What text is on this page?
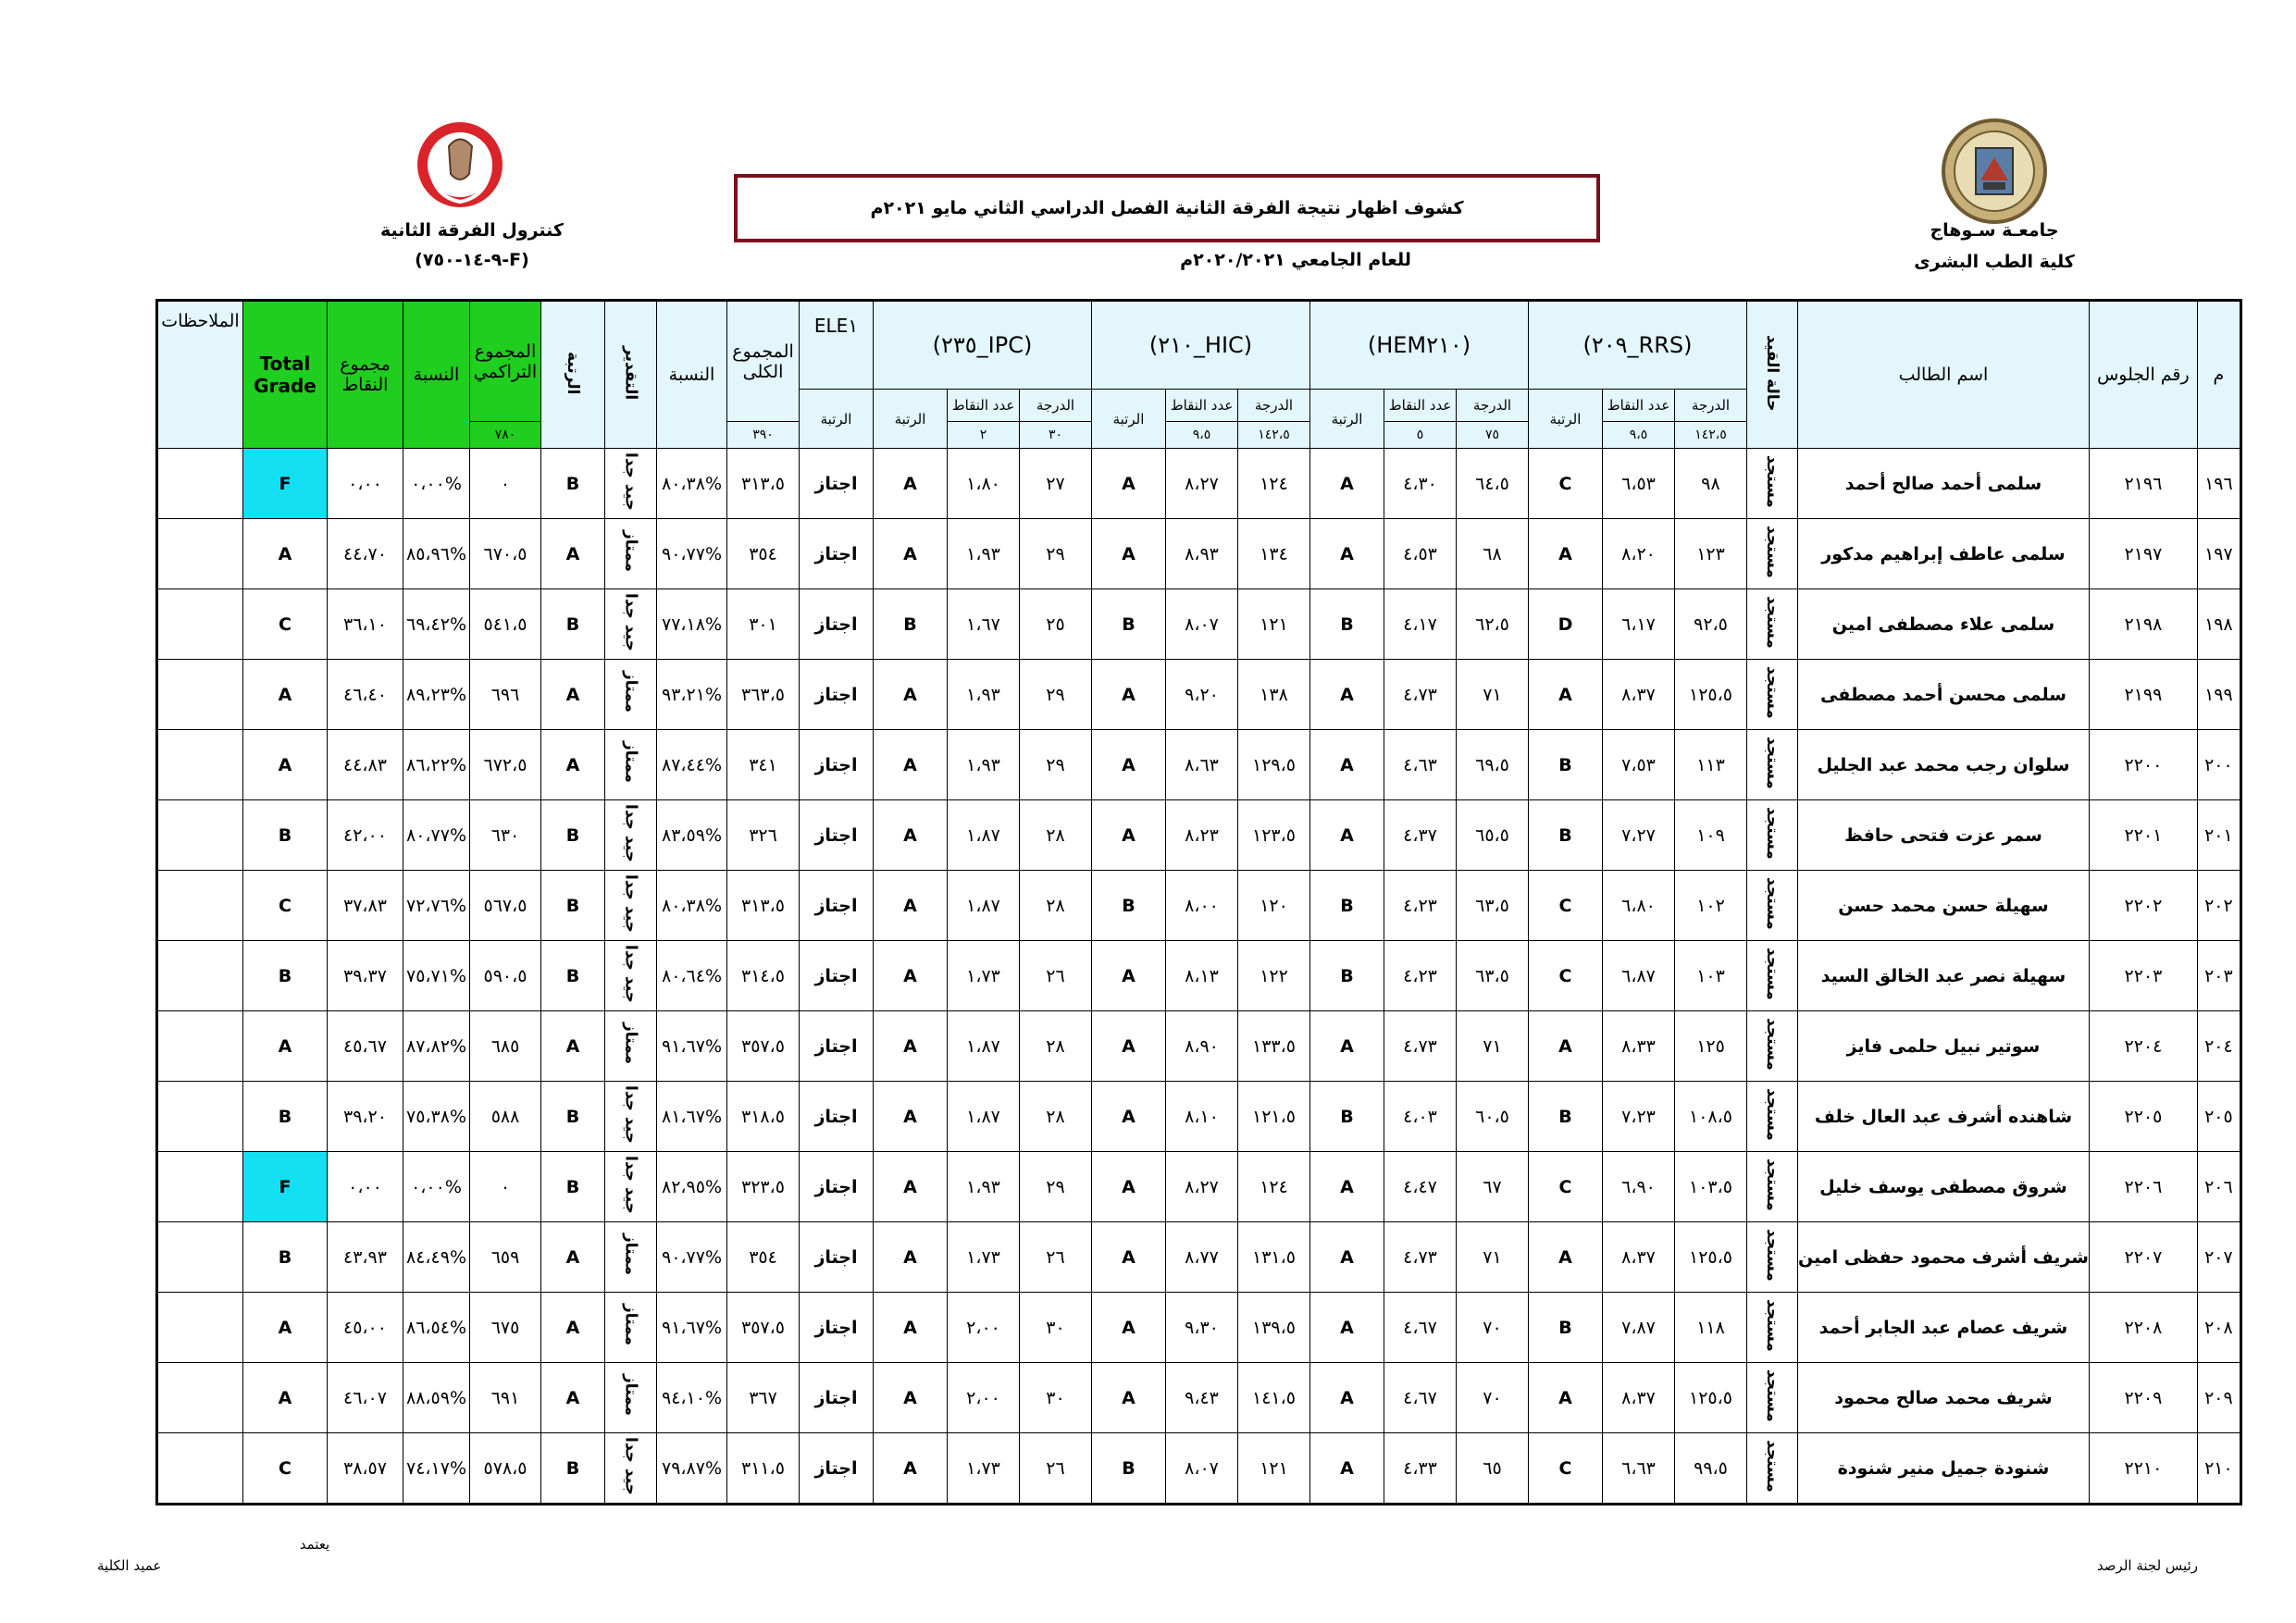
جامعـة سـوهاج
كلية الطب البشرى
كنترول الفرقة الثانية
(٩-١٤-٧٥٠-F)
كشوف اظهار نتيجة الفرقة الثانية الفصل الدراسي الثاني مايو ٢٠٢١م
للعام الجامعي ٢٠٢٠/٢٠٢١م
م	رقم الجلوس	اسم الطالب	حالة القيد	(RRS_٢٠٩)			(HEM٢١٠)			(HIC_٢١٠)			(IPC_٢٣٥)			ELE١	المجموع الكلى	النسبة	التقدير	الرتبة	المجموع التراكمي	النسبة	مجموع النقاط	Total Grade	الملاحظات
				الدرجة	عدد النقاط	الرتبة	الدرجة	عدد النقاط	الرتبة	الدرجة	عدد النقاط	الرتبة	الدرجة	عدد النقاط	الرتبة	الرتبة									
				١٤٢،٥	٩،٥		٧٥	٥		١٤٢،٥	٩،٥		٣٠	٢			٣٩٠				٧٨٠				
١٩٦	٢١٩٦	سلمى أحمد صالح أحمد	مستجد	٩٨	٦،٥٣	C	٦٤،٥	٤،٣٠	A	١٢٤	٨،٢٧	A	٢٧	١،٨٠	A	اجتاز	٣١٣،٥	%٨٠،٣٨	جيد جدا	B	٠	%٠،٠٠	٠،٠٠	F	
١٩٧	٢١٩٧	سلمى عاطف إبراهيم مدكور	مستجد	١٢٣	٨،٢٠	A	٦٨	٤،٥٣	A	١٣٤	٨،٩٣	A	٢٩	١،٩٣	A	اجتاز	٣٥٤	%٩٠،٧٧	ممتاز	A	٦٧٠،٥	%٨٥،٩٦	٤٤،٧٠	A	
١٩٨	٢١٩٨	سلمى علاء مصطفى امين	مستجد	٩٢،٥	٦،١٧	D	٦٢،٥	٤،١٧	B	١٢١	٨،٠٧	B	٢٥	١،٦٧	B	اجتاز	٣٠١	%٧٧،١٨	جيد جدا	B	٥٤١،٥	%٦٩،٤٢	٣٦،١٠	C	
١٩٩	٢١٩٩	سلمى محسن أحمد مصطفى	مستجد	١٢٥،٥	٨،٣٧	A	٧١	٤،٧٣	A	١٣٨	٩،٢٠	A	٢٩	١،٩٣	A	اجتاز	٣٦٣،٥	%٩٣،٢١	ممتاز	A	٦٩٦	%٨٩،٢٣	٤٦،٤٠	A	
٢٠٠	٢٢٠٠	سلوان رجب محمد عبد الجليل	مستجد	١١٣	٧،٥٣	B	٦٩،٥	٤،٦٣	A	١٢٩،٥	٨،٦٣	A	٢٩	١،٩٣	A	اجتاز	٣٤١	%٨٧،٤٤	ممتاز	A	٦٧٢،٥	%٨٦،٢٢	٤٤،٨٣	A	
٢٠١	٢٢٠١	سمر عزت فتحى حافظ	مستجد	١٠٩	٧،٢٧	B	٦٥،٥	٤،٣٧	A	١٢٣،٥	٨،٢٣	A	٢٨	١،٨٧	A	اجتاز	٣٢٦	%٨٣،٥٩	جيد جدا	B	٦٣٠	%٨٠،٧٧	٤٢،٠٠	B	
٢٠٢	٢٢٠٢	سهيلة حسن محمد حسن	مستجد	١٠٢	٦،٨٠	C	٦٣،٥	٤،٢٣	B	١٢٠	٨،٠٠	B	٢٨	١،٨٧	A	اجتاز	٣١٣،٥	%٨٠،٣٨	جيد جدا	B	٥٦٧،٥	%٧٢،٧٦	٣٧،٨٣	C	
٢٠٣	٢٢٠٣	سهيلة نصر عبد الخالق السيد	مستجد	١٠٣	٦،٨٧	C	٦٣،٥	٤،٢٣	B	١٢٢	٨،١٣	A	٢٦	١،٧٣	A	اجتاز	٣١٤،٥	%٨٠،٦٤	جيد جدا	B	٥٩٠،٥	%٧٥،٧١	٣٩،٣٧	B	
٢٠٤	٢٢٠٤	سوتير نبيل حلمى فايز	مستجد	١٢٥	٨،٣٣	A	٧١	٤،٧٣	A	١٣٣،٥	٨،٩٠	A	٢٨	١،٨٧	A	اجتاز	٣٥٧،٥	%٩١،٦٧	ممتاز	A	٦٨٥	%٨٧،٨٢	٤٥،٦٧	A	
٢٠٥	٢٢٠٥	شاهنده أشرف عبد العال خلف	مستجد	١٠٨،٥	٧،٢٣	B	٦٠،٥	٤،٠٣	B	١٢١،٥	٨،١٠	A	٢٨	١،٨٧	A	اجتاز	٣١٨،٥	%٨١،٦٧	جيد جدا	B	٥٨٨	%٧٥،٣٨	٣٩،٢٠	B	
٢٠٦	٢٢٠٦	شروق مصطفى يوسف خليل	مستجد	١٠٣،٥	٦،٩٠	C	٦٧	٤،٤٧	A	١٢٤	٨،٢٧	A	٢٩	١،٩٣	A	اجتاز	٣٢٣،٥	%٨٢،٩٥	جيد جدا	B	٠	%٠،٠٠	٠،٠٠	F	
٢٠٧	٢٢٠٧	شريف أشرف محمود حفظى امين	مستجد	١٢٥،٥	٨،٣٧	A	٧١	٤،٧٣	A	١٣١،٥	٨،٧٧	A	٢٦	١،٧٣	A	اجتاز	٣٥٤	%٩٠،٧٧	ممتاز	A	٦٥٩	%٨٤،٤٩	٤٣،٩٣	B	
٢٠٨	٢٢٠٨	شريف عصام عبد الجابر أحمد	مستجد	١١٨	٧،٨٧	B	٧٠	٤،٦٧	A	١٣٩،٥	٩،٣٠	A	٣٠	٢،٠٠	A	اجتاز	٣٥٧،٥	%٩١،٦٧	ممتاز	A	٦٧٥	%٨٦،٥٤	٤٥،٠٠	A	
٢٠٩	٢٢٠٩	شريف محمد صالح محمود	مستجد	١٢٥،٥	٨،٣٧	A	٧٠	٤،٦٧	A	١٤١،٥	٩،٤٣	A	٣٠	٢،٠٠	A	اجتاز	٣٦٧	%٩٤،١٠	ممتاز	A	٦٩١	%٨٨،٥٩	٤٦،٠٧	A	
٢١٠	٢٢١٠	شنودة جميل منير شنودة	مستجد	٩٩،٥	٦،٦٣	C	٦٥	٤،٣٣	A	١٢١	٨،٠٧	B	٢٦	١،٧٣	A	اجتاز	٣١١،٥	%٧٩،٨٧	جيد جدا	B	٥٧٨،٥	%٧٤،١٧	٣٨،٥٧	C	
رئيس لجنة الرصد
يعتمد
عميد الكلية
